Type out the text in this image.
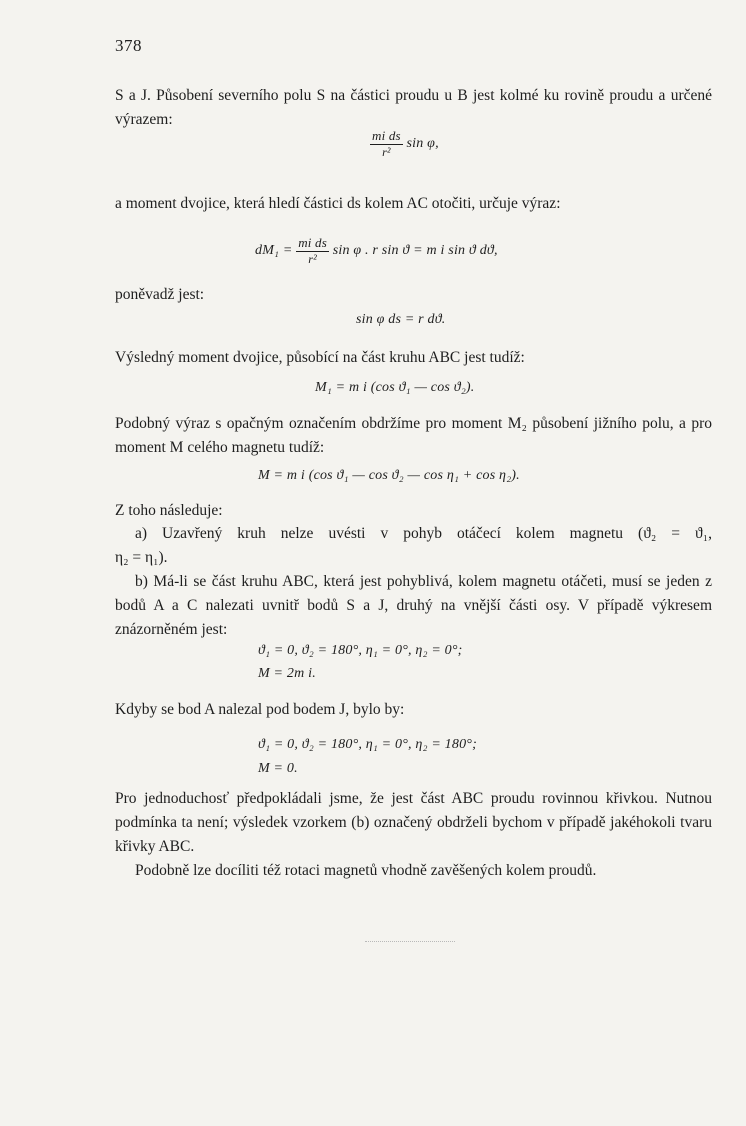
378
S a J. Působení severního polu S na částici proudu u B jest kolmé ku rovině proudu a určené výrazem:
$\frac{\text{mi ds}}{\text{r²}}$ sin φ,
a moment dvojice, která hledí částici ds kolem AC otočiti, určuje výraz:
$dM_1 = \frac{\text{mi ds}}{\text{r²}}$ sin φ . r sin ϑ = m i sin ϑ dϑ,
poněvadž jest:
sin φ ds = r dϑ.
Výsledný moment dvojice, působící na část kruhu ABC jest tudíž:
M₁ = m i (cos ϑ₁ — cos ϑ₂).
Podobný výraz s opačným označením obdržíme pro moment M₂ působení jižního polu, a pro moment M celého magnetu tudíž:
M = m i (cos ϑ₁ — cos ϑ₂ — cos η₁ + cos η₂).
Z toho následuje:
a) Uzavřený kruh nelze uvésti v pohyb otáčecí kolem magnetu (ϑ₂ = ϑ₁,
η₂ = η₁).
b) Má-li se část kruhu ABC, která jest pohyblivá, kolem magnetu otáčeti, musí se jeden z bodů A a C nalezati uvnitř bodů S a J, druhý na vnější části osy. V případě výkresem znázorněném jest:
ϑ₁ = 0, ϑ₂ = 180°, η₁ = 0°, η₂ = 0°;
M = 2m i.
Kdyby se bod A nalezal pod bodem J, bylo by:
ϑ₁ = 0, ϑ₂ = 180°, η₁ = 0°, η₂ = 180°;
M = 0.
Pro jednoduchosť předpokládali jsme, že jest část ABC proudu rovinnou křivkou. Nutnou podmínka ta není; výsledek vzorkem (b) označený obdrželi bychom v případě jakéhokoli tvaru křivky ABC.
Podobně lze docíliti též rotaci magnetů vhodně zavěšených kolem proudů.
